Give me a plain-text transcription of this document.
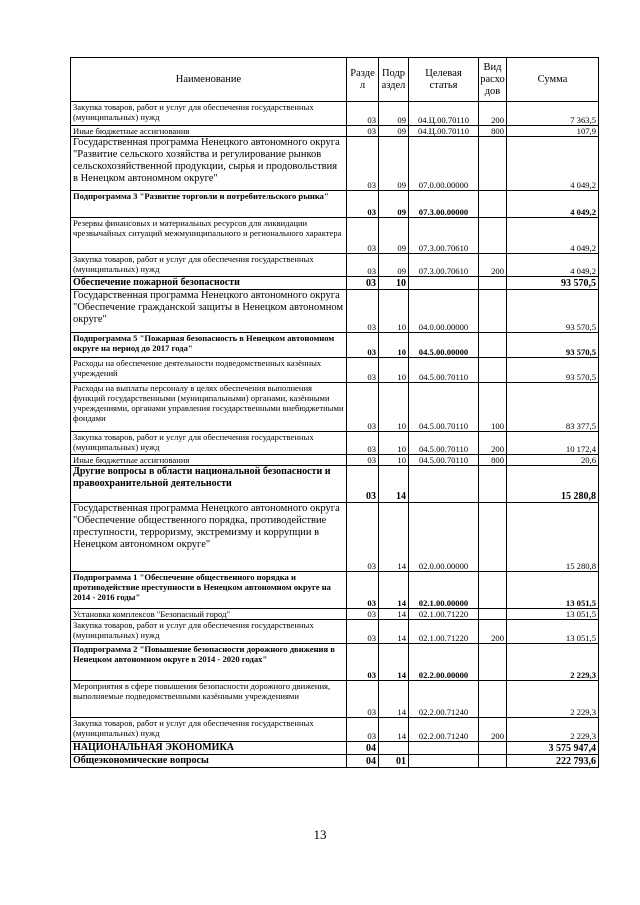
Наименование	Разде л	Подр аздел	Целевая статья	Вид расхо дов	Сумма
Закупка товаров, работ и услуг для обеспечения государственных (муниципальных) нужд	03	09	04.Ц.00.70110	200	7 363,5
Иные бюджетные ассигнования	03	09	04.Ц.00.70110	800	107,9
Государственная программа Ненецкого автономного округа "Развитие сельского хозяйства и регулирование рынков сельскохозяйственной продукции, сырья и продовольствия в Ненецком автономном округе"	03	09	07.0.00.00000		4 049,2
Подпрограмма 3 "Развитие торговли и потребительского рынка"	03	09	07.3.00.00000		4 049,2
Резервы финансовых и материальных ресурсов для ликвидации чрезвычайных ситуаций межмуниципального и регионального характера	03	09	07.3.00.70610		4 049,2
Закупка товаров, работ и услуг для обеспечения государственных (муниципальных) нужд	03	09	07.3.00.70610	200	4 049,2
Обеспечение пожарной безопасности	03	10			93 570,5
Государственная программа Ненецкого автономного округа "Обеспечение гражданской защиты в Ненецком автономном округе"	03	10	04.0.00.00000		93 570,5
Подпрограмма 5 "Пожарная безопасность в Ненецком автономном округе на период до 2017 года"	03	10	04.5.00.00000		93 570,5
Расходы на обеспечение деятельности подведомственных казённых учреждений	03	10	04.5.00.70110		93 570,5
Расходы на выплаты персоналу в целях обеспечения выполнения функций государственными (муниципальными) органами, казёнными учреждениями, органами управления государственными внебюджетными фондами	03	10	04.5.00.70110	100	83 377,5
Закупка товаров, работ и услуг для обеспечения государственных (муниципальных) нужд	03	10	04.5.00.70110	200	10 172,4
Иные бюджетные ассигнования	03	10	04.5.00.70110	800	20,6
Другие вопросы в области национальной безопасности и правоохранительной деятельности	03	14			15 280,8
Государственная программа Ненецкого автономного округа "Обеспечение общественного порядка, противодействие преступности, терроризму, экстремизму и коррупции в Ненецком автономном округе"	03	14	02.0.00.00000		15 280,8
Подпрограмма 1 "Обеспечение общественного порядка и противодействие преступности в Ненецком автономном округе на 2014 - 2016 годы"	03	14	02.1.00.00000		13 051,5
Установка комплексов "Безопасный город"	03	14	02.1.00.71220		13 051,5
Закупка товаров, работ и услуг для обеспечения государственных (муниципальных) нужд	03	14	02.1.00.71220	200	13 051,5
Подпрограмма 2 "Повышение безопасности дорожного движения в Ненецком автономном округе в 2014 - 2020 годах"	03	14	02.2.00.00000		2 229,3
Мероприятия в сфере повышения безопасности дорожного движения, выполняемые подведомственными казёнными учреждениями	03	14	02.2.00.71240		2 229,3
Закупка товаров, работ и услуг для обеспечения государственных (муниципальных) нужд	03	14	02.2.00.71240	200	2 229,3
НАЦИОНАЛЬНАЯ ЭКОНОМИКА	04				3 575 947,4
Общеэкономические вопросы	04	01			222 793,6
13
